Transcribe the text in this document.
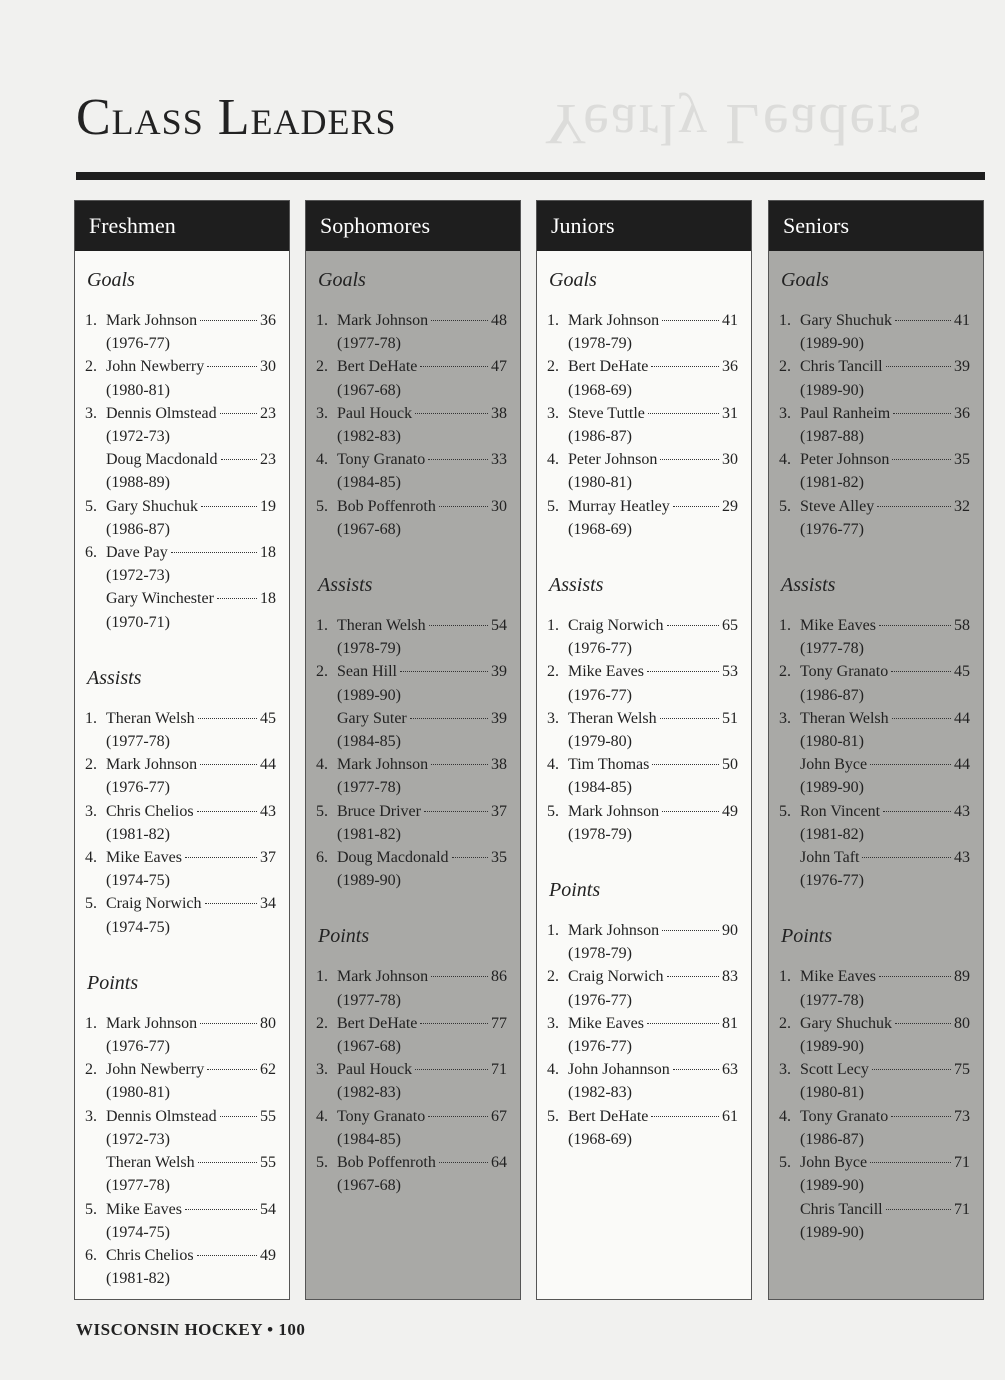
Yearly Leaders
Class Leaders
Freshmen
Goals
1. Mark Johnson	36
(1976-77)
2. John Newberry	30
(1980-81)
3. Dennis Olmstead	23
(1972-73)
Doug Macdonald	23
(1988-89)
5. Gary Shuchuk	19
(1986-87)
6. Dave Pay	18
(1972-73)
Gary Winchester	18
(1970-71)
Assists
1. Theran Welsh	45
(1977-78)
2. Mark Johnson	44
(1976-77)
3. Chris Chelios	43
(1981-82)
4. Mike Eaves	37
(1974-75)
5. Craig Norwich	34
(1974-75)
Points
1. Mark Johnson	80
(1976-77)
2. John Newberry	62
(1980-81)
3. Dennis Olmstead	55
(1972-73)
Theran Welsh	55
(1977-78)
5. Mike Eaves	54
(1974-75)
6. Chris Chelios	49
(1981-82)
Sophomores
Goals
1. Mark Johnson	48
(1977-78)
2. Bert DeHate	47
(1967-68)
3. Paul Houck	38
(1982-83)
4. Tony Granato	33
(1984-85)
5. Bob Poffenroth	30
(1967-68)
Assists
1. Theran Welsh	54
(1978-79)
2. Sean Hill	39
(1989-90)
Gary Suter	39
(1984-85)
4. Mark Johnson	38
(1977-78)
5. Bruce Driver	37
(1981-82)
6. Doug Macdonald	35
(1989-90)
Points
1. Mark Johnson	86
(1977-78)
2. Bert DeHate	77
(1967-68)
3. Paul Houck	71
(1982-83)
4. Tony Granato	67
(1984-85)
5. Bob Poffenroth	64
(1967-68)
Juniors
Goals
1. Mark Johnson	41
(1978-79)
2. Bert DeHate	36
(1968-69)
3. Steve Tuttle	31
(1986-87)
4. Peter Johnson	30
(1980-81)
5. Murray Heatley	29
(1968-69)
Assists
1. Craig Norwich	65
(1976-77)
2. Mike Eaves	53
(1976-77)
3. Theran Welsh	51
(1979-80)
4. Tim Thomas	50
(1984-85)
5. Mark Johnson	49
(1978-79)
Points
1. Mark Johnson	90
(1978-79)
2. Craig Norwich	83
(1976-77)
3. Mike Eaves	81
(1976-77)
4. John Johannson	63
(1982-83)
5. Bert DeHate	61
(1968-69)
Seniors
Goals
1. Gary Shuchuk	41
(1989-90)
2. Chris Tancill	39
(1989-90)
3. Paul Ranheim	36
(1987-88)
4. Peter Johnson	35
(1981-82)
5. Steve Alley	32
(1976-77)
Assists
1. Mike Eaves	58
(1977-78)
2. Tony Granato	45
(1986-87)
3. Theran Welsh	44
(1980-81)
John Byce	44
(1989-90)
5. Ron Vincent	43
(1981-82)
John Taft	43
(1976-77)
Points
1. Mike Eaves	89
(1977-78)
2. Gary Shuchuk	80
(1989-90)
3. Scott Lecy	75
(1980-81)
4. Tony Granato	73
(1986-87)
5. John Byce	71
(1989-90)
Chris Tancill	71
(1989-90)
WISCONSIN HOCKEY • 100
